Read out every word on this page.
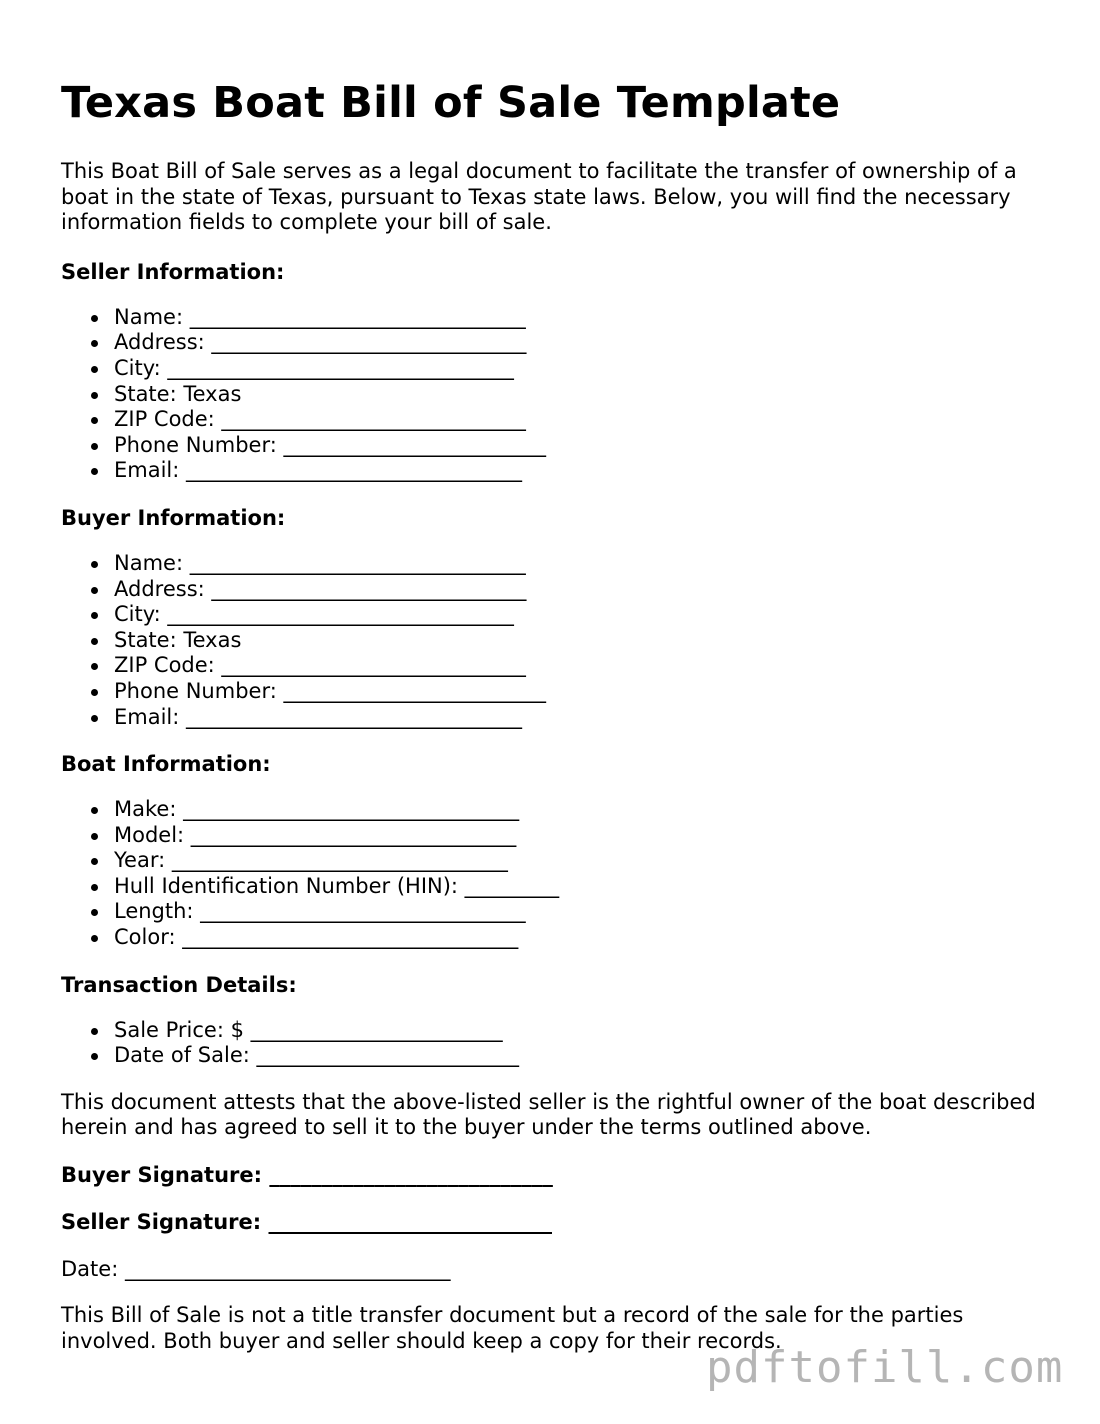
Texas Boat Bill of Sale Template

This Boat Bill of Sale serves as a legal document to facilitate the transfer of ownership of a boat in the state of Texas, pursuant to Texas state laws. Below, you will find the necessary information fields to complete your bill of sale.

Seller Information:

Name: ________________________________
Address: ______________________________
City: _________________________________
State: Texas
ZIP Code: _____________________________
Phone Number: _________________________
Email: ________________________________

Buyer Information:

Name: ________________________________
Address: ______________________________
City: _________________________________
State: Texas
ZIP Code: _____________________________
Phone Number: _________________________
Email: ________________________________

Boat Information:

Make: ________________________________
Model: _______________________________
Year: ________________________________
Hull Identification Number (HIN): _________
Length: _______________________________
Color: ________________________________

Transaction Details:

Sale Price: $ ________________________
Date of Sale: _________________________

This document attests that the above-listed seller is the rightful owner of the boat described herein and has agreed to sell it to the buyer under the terms outlined above.

Buyer Signature: ___________________________

Seller Signature: ___________________________

Date: _______________________________

This Bill of Sale is not a title transfer document but a record of the sale for the parties involved. Both buyer and seller should keep a copy for their records.

pdftofill.com
